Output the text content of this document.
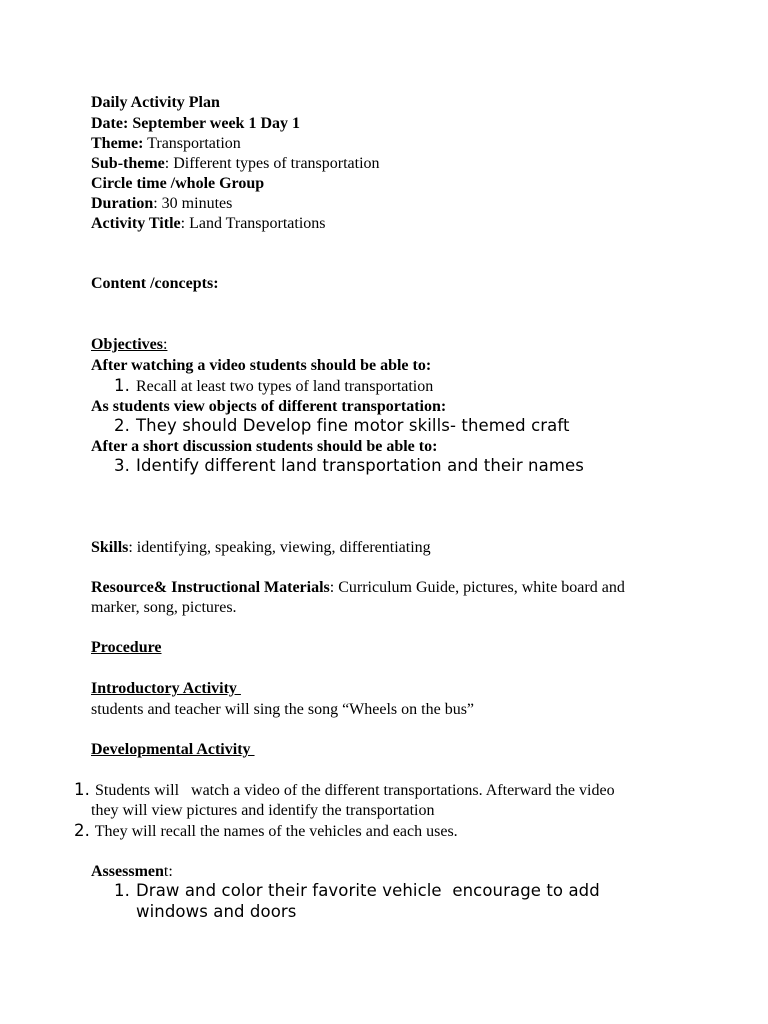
Daily Activity Plan
Date: September week 1 Day 1
Theme: Transportation
Sub-theme: Different types of transportation
Circle time /whole Group
Duration: 30 minutes
Activity Title: Land Transportations
Content /concepts:
Objectives:
After watching a video students should be able to:
1. Recall at least two types of land transportation
As students view objects of different transportation:
2. They should Develop fine motor skills- themed craft
After a short discussion students should be able to:
3. Identify different land transportation and their names
Skills: identifying, speaking, viewing, differentiating
Resource& Instructional Materials: Curriculum Guide, pictures, white board and
marker, song, pictures.
Procedure
Introductory Activity
students and teacher will sing the song “Wheels on the bus”
Developmental Activity
1. Students will   watch a video of the different transportations. Afterward the video
they will view pictures and identify the transportation
2. They will recall the names of the vehicles and each uses.
Assessment:
1. Draw and color their favorite vehicle  encourage to add
windows and doors
